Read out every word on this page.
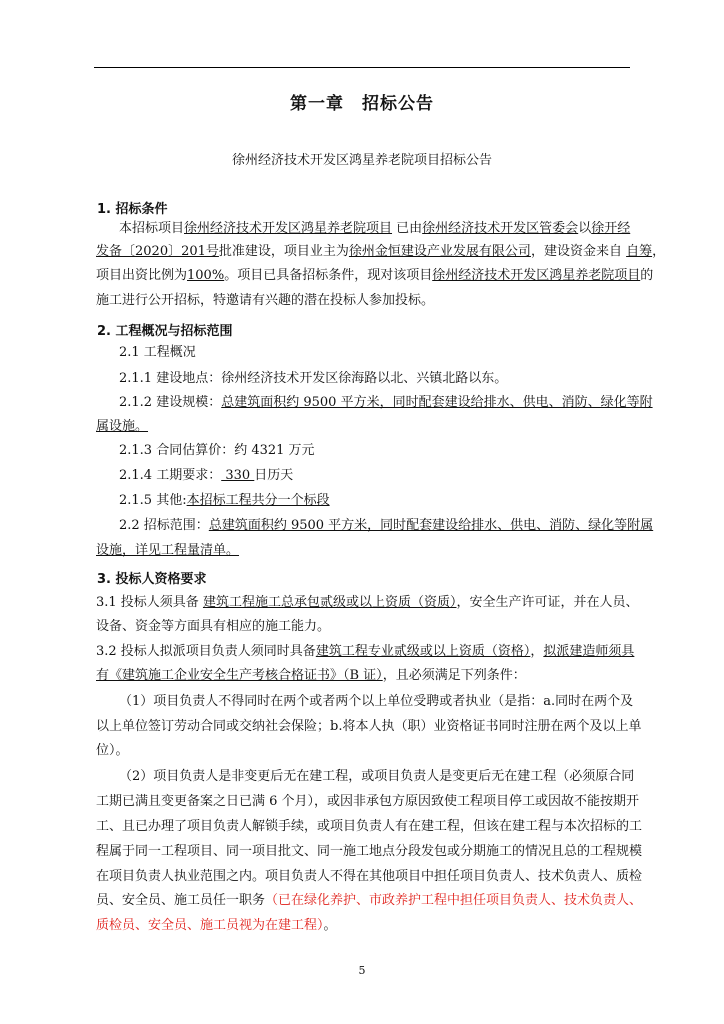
第一章　招标公告
徐州经济技术开发区鸿星养老院项目招标公告
1. 招标条件
本招标项目徐州经济技术开发区鸿星养老院项目 已由徐州经济技术开发区管委会以徐开经
发备〔2020〕201号批准建设，项目业主为徐州金恒建设产业发展有限公司，建设资金来自 自筹，
项目出资比例为100%。项目已具备招标条件，现对该项目徐州经济技术开发区鸿星养老院项目的
施工进行公开招标，特邀请有兴趣的潜在投标人参加投标。
2. 工程概况与招标范围
2.1 工程概况
2.1.1 建设地点：徐州经济技术开发区徐海路以北、兴镇北路以东。
2.1.2 建设规模：总建筑面积约 9500 平方米，同时配套建设给排水、供电、消防、绿化等附
属设施。
2.1.3 合同估算价：约 4321 万元
2.1.4 工期要求： 330 日历天
2.1.5 其他:本招标工程共分一个标段
2.2 招标范围：总建筑面积约 9500 平方米，同时配套建设给排水、供电、消防、绿化等附属
设施，详见工程量清单。
3. 投标人资格要求
3.1 投标人须具备 建筑工程施工总承包贰级或以上资质（资质），安全生产许可证，并在人员、
设备、资金等方面具有相应的施工能力。
3.2 投标人拟派项目负责人须同时具备建筑工程专业贰级或以上资质（资格），拟派建造师须具
有《建筑施工企业安全生产考核合格证书》（B 证），且必须满足下列条件：
（1）项目负责人不得同时在两个或者两个以上单位受聘或者执业（是指：a.同时在两个及
以上单位签订劳动合同或交纳社会保险；b.将本人执（职）业资格证书同时注册在两个及以上单
位）。
（2）项目负责人是非变更后无在建工程，或项目负责人是变更后无在建工程（必须原合同
工期已满且变更备案之日已满 6 个月），或因非承包方原因致使工程项目停工或因故不能按期开
工、且已办理了项目负责人解锁手续，或项目负责人有在建工程，但该在建工程与本次招标的工
程属于同一工程项目、同一项目批文、同一施工地点分段发包或分期施工的情况且总的工程规模
在项目负责人执业范围之内。项目负责人不得在其他项目中担任项目负责人、技术负责人、质检
员、安全员、施工员任一职务（已在绿化养护、市政养护工程中担任项目负责人、技术负责人、
质检员、安全员、施工员视为在建工程）。
5
